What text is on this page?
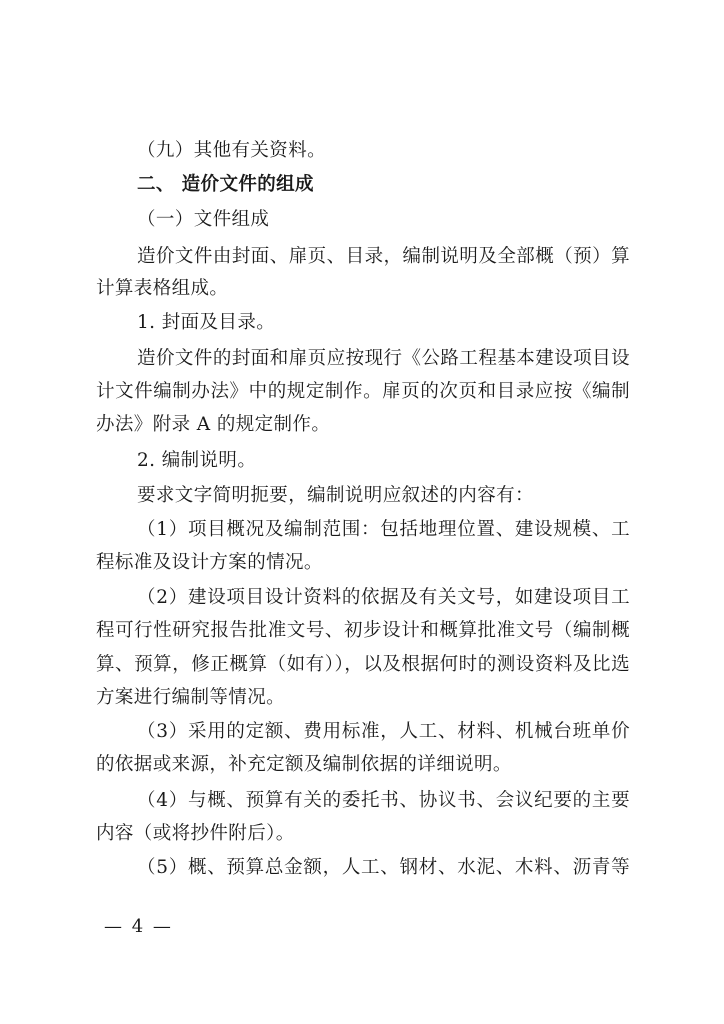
（九）其他有关资料。
二、 造价文件的组成
（一）文件组成
造价文件由封面、扉页、目录，编制说明及全部概（预）算
计算表格组成。
1. 封面及目录。
造价文件的封面和扉页应按现行《公路工程基本建设项目设
计文件编制办法》中的规定制作。扉页的次页和目录应按《编制
办法》附录 A 的规定制作。
2. 编制说明。
要求文字简明扼要，编制说明应叙述的内容有：
（1）项目概况及编制范围：包括地理位置、建设规模、工
程标准及设计方案的情况。
（2）建设项目设计资料的依据及有关文号，如建设项目工
程可行性研究报告批准文号、初步设计和概算批准文号（编制概
算、预算，修正概算（如有）），以及根据何时的测设资料及比选
方案进行编制等情况。
（3）采用的定额、费用标准，人工、材料、机械台班单价
的依据或来源，补充定额及编制依据的详细说明。
（4）与概、预算有关的委托书、协议书、会议纪要的主要
内容（或将抄件附后）。
（5）概、预算总金额，人工、钢材、水泥、木料、沥青等
— 4 —
